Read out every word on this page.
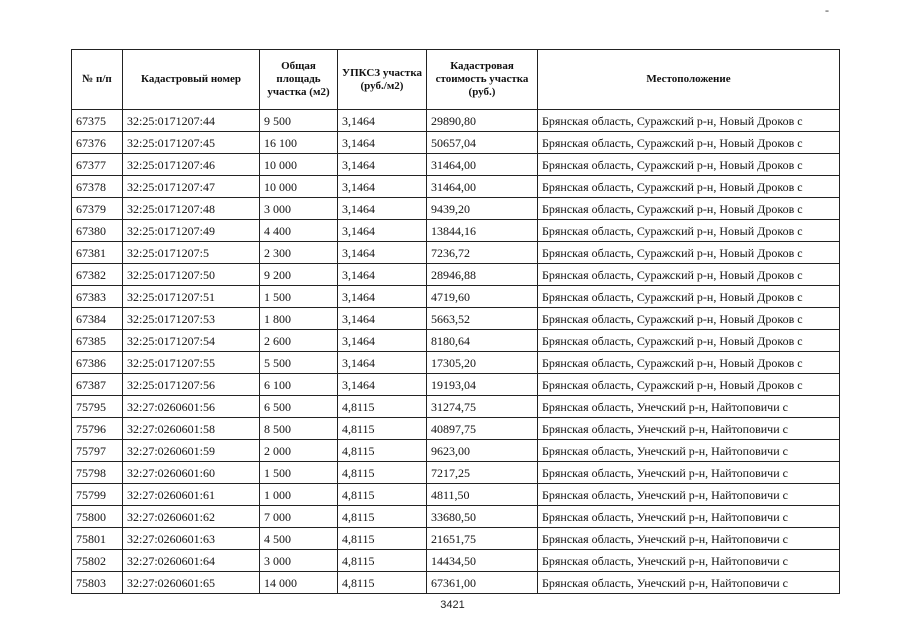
-
№ п/п	Кадастровый номер	Общая площадь участка (м2)	УПКСЗ участка (руб./м2)	Кадастровая стоимость участка (руб.)	Местоположение
67375	32:25:0171207:44	9 500	3,1464	29890,80	Брянская область, Суражский р-н, Новый Дроков с
67376	32:25:0171207:45	16 100	3,1464	50657,04	Брянская область, Суражский р-н, Новый Дроков с
67377	32:25:0171207:46	10 000	3,1464	31464,00	Брянская область, Суражский р-н, Новый Дроков с
67378	32:25:0171207:47	10 000	3,1464	31464,00	Брянская область, Суражский р-н, Новый Дроков с
67379	32:25:0171207:48	3 000	3,1464	9439,20	Брянская область, Суражский р-н, Новый Дроков с
67380	32:25:0171207:49	4 400	3,1464	13844,16	Брянская область, Суражский р-н, Новый Дроков с
67381	32:25:0171207:5	2 300	3,1464	7236,72	Брянская область, Суражский р-н, Новый Дроков с
67382	32:25:0171207:50	9 200	3,1464	28946,88	Брянская область, Суражский р-н, Новый Дроков с
67383	32:25:0171207:51	1 500	3,1464	4719,60	Брянская область, Суражский р-н, Новый Дроков с
67384	32:25:0171207:53	1 800	3,1464	5663,52	Брянская область, Суражский р-н, Новый Дроков с
67385	32:25:0171207:54	2 600	3,1464	8180,64	Брянская область, Суражский р-н, Новый Дроков с
67386	32:25:0171207:55	5 500	3,1464	17305,20	Брянская область, Суражский р-н, Новый Дроков с
67387	32:25:0171207:56	6 100	3,1464	19193,04	Брянская область, Суражский р-н, Новый Дроков с
75795	32:27:0260601:56	6 500	4,8115	31274,75	Брянская область, Унечский р-н, Найтоповичи с
75796	32:27:0260601:58	8 500	4,8115	40897,75	Брянская область, Унечский р-н, Найтоповичи с
75797	32:27:0260601:59	2 000	4,8115	9623,00	Брянская область, Унечский р-н, Найтоповичи с
75798	32:27:0260601:60	1 500	4,8115	7217,25	Брянская область, Унечский р-н, Найтоповичи с
75799	32:27:0260601:61	1 000	4,8115	4811,50	Брянская область, Унечский р-н, Найтоповичи с
75800	32:27:0260601:62	7 000	4,8115	33680,50	Брянская область, Унечский р-н, Найтоповичи с
75801	32:27:0260601:63	4 500	4,8115	21651,75	Брянская область, Унечский р-н, Найтоповичи с
75802	32:27:0260601:64	3 000	4,8115	14434,50	Брянская область, Унечский р-н, Найтоповичи с
75803	32:27:0260601:65	14 000	4,8115	67361,00	Брянская область, Унечский р-н, Найтоповичи с
3421
